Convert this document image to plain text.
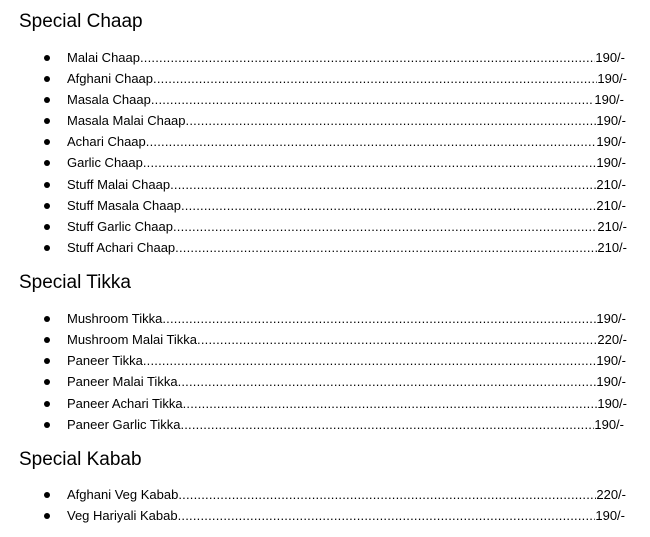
Special Chaap
Malai Chaap .....	190/-
Afghani Chaap .....	190/-
Masala Chaap .....	190/-
Masala Malai Chaap .....	190/-
Achari Chaap .....	190/-
Garlic Chaap .....	190/-
Stuff Malai Chaap .....	210/-
Stuff Masala Chaap .....	210/-
Stuff Garlic Chaap .....	210/-
Stuff Achari Chaap .....	210/-
Special Tikka
Mushroom Tikka .....	190/-
Mushroom Malai Tikka .....	220/-
Paneer Tikka .....	190/-
Paneer Malai Tikka .....	190/-
Paneer Achari Tikka .....	190/-
Paneer Garlic Tikka .....	190/-
Special Kabab
Afghani Veg Kabab .....	220/-
Veg Hariyali Kabab .....	190/-
